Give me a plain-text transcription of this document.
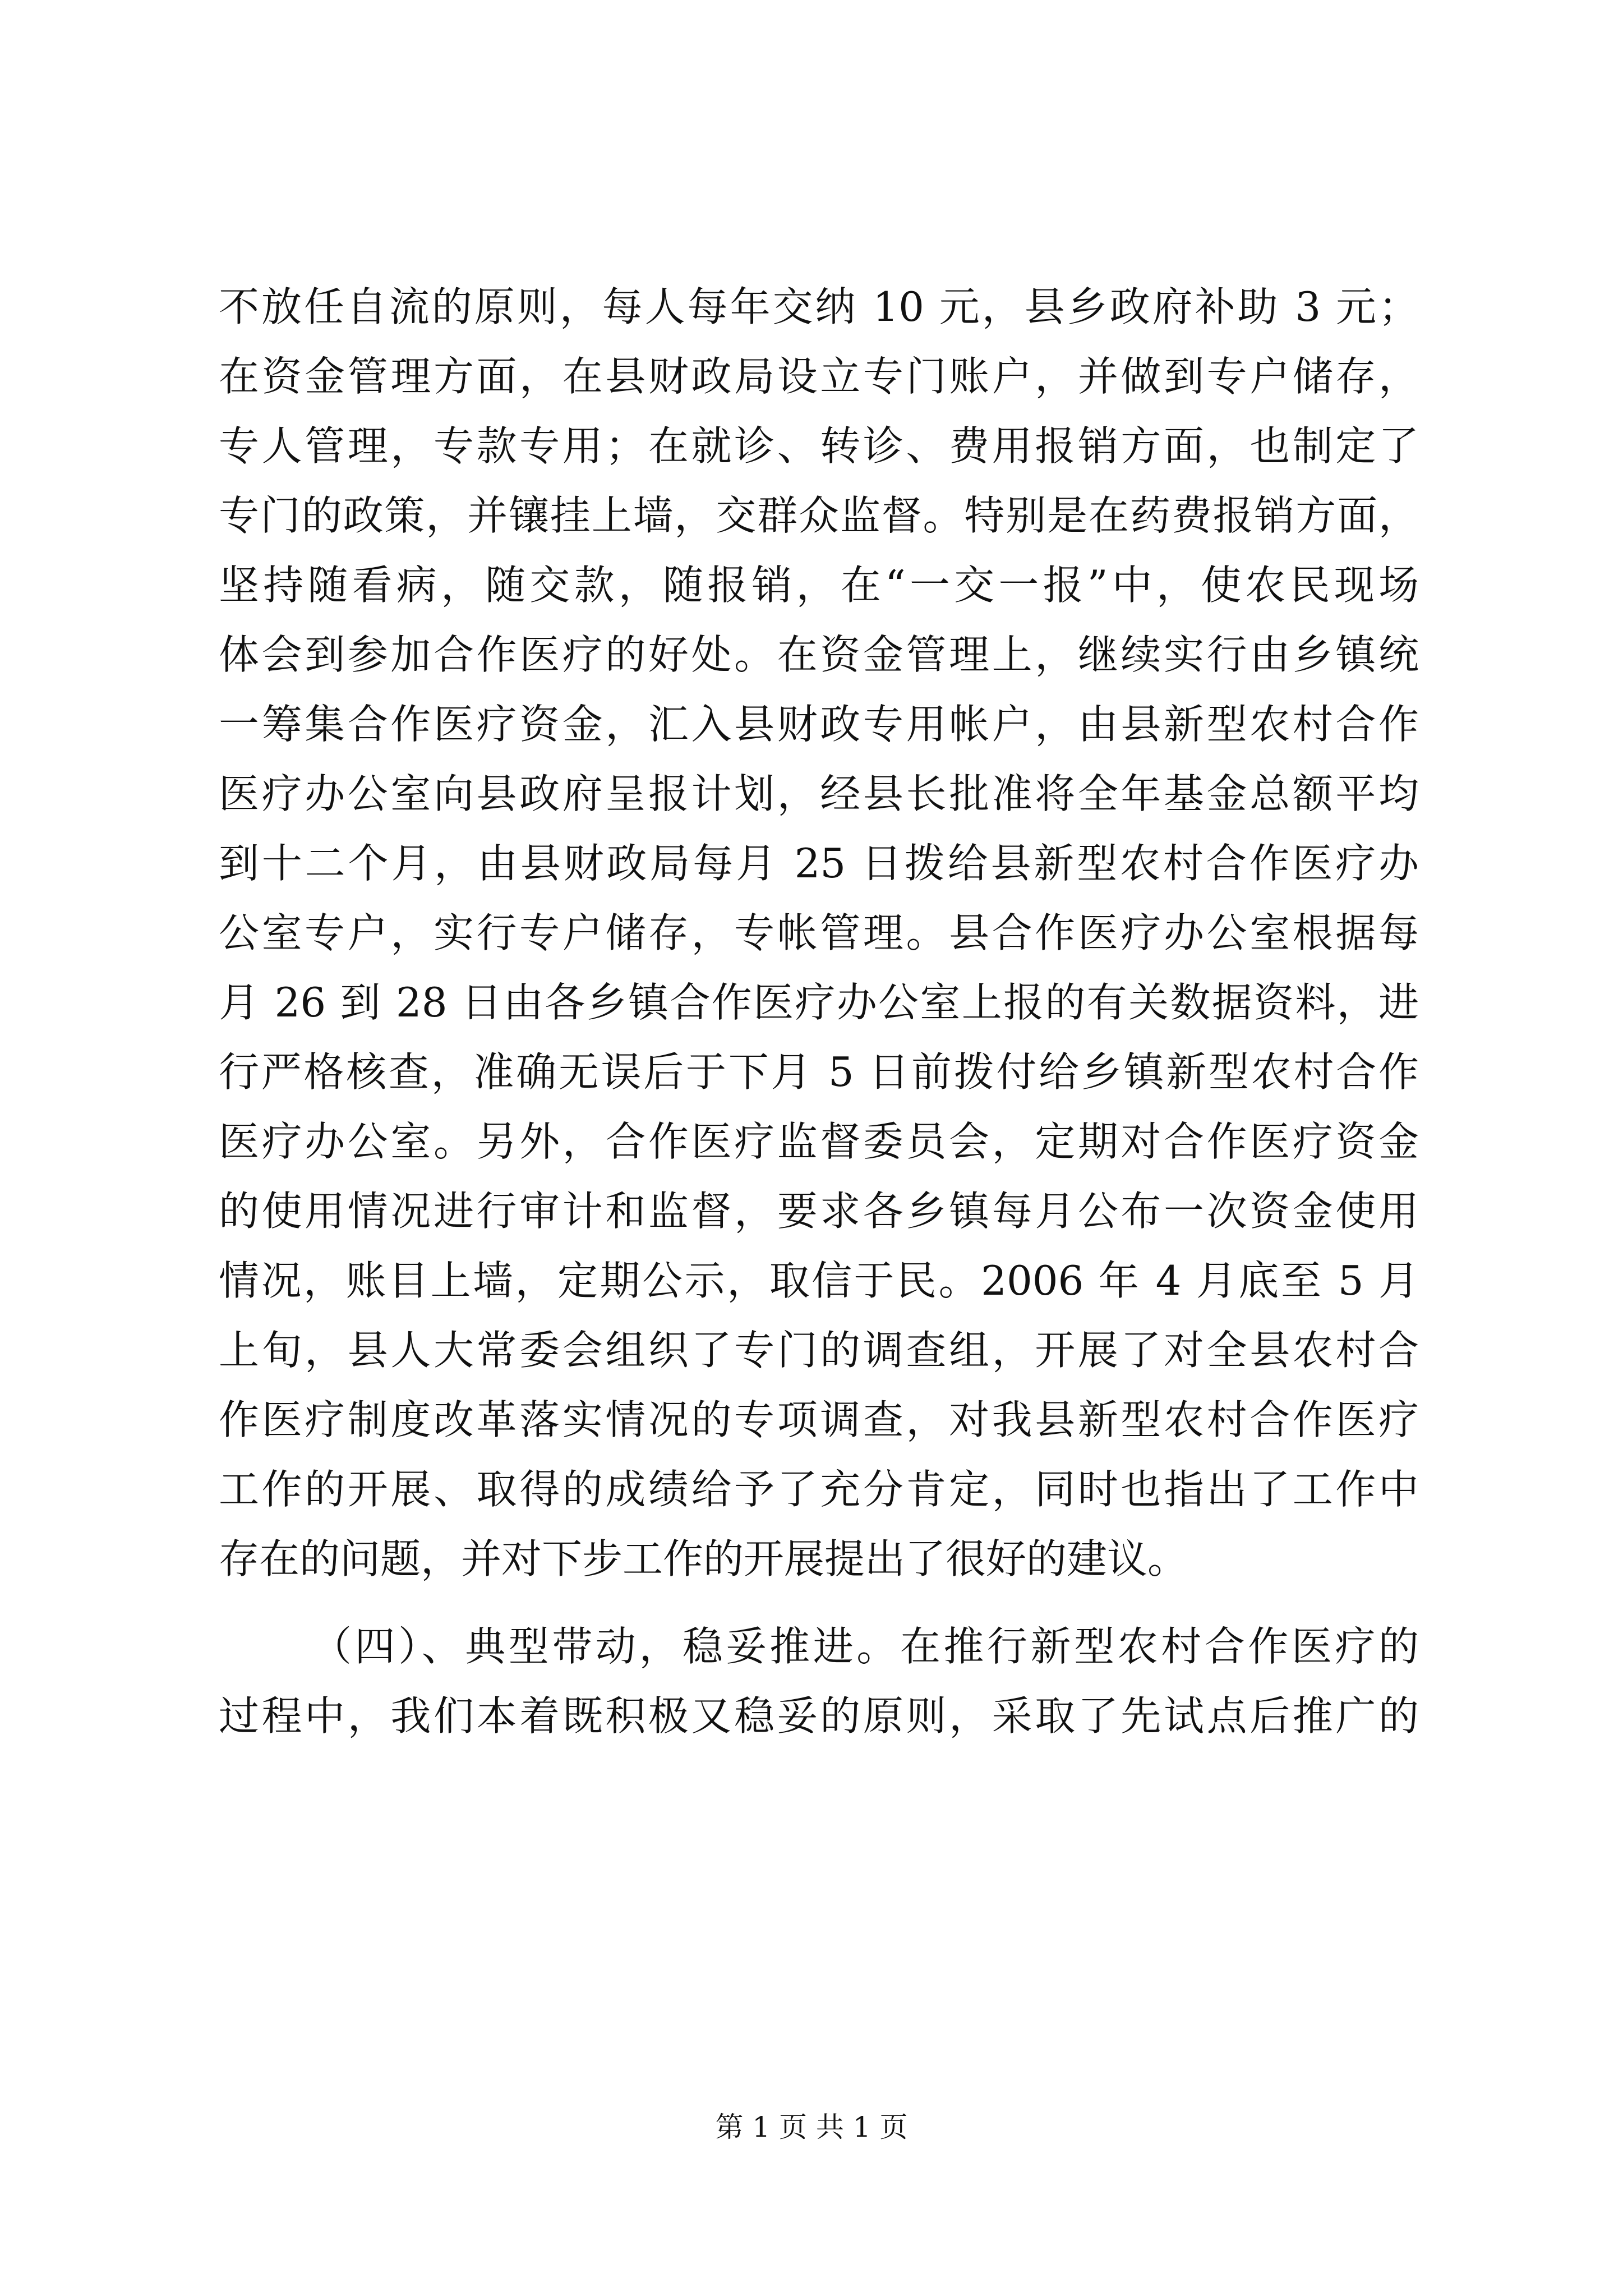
不放任自流的原则，每人每年交纳 10 元，县乡政府补助 3 元；
在资金管理方面，在县财政局设立专门账户，并做到专户储存，
专人管理，专款专用；在就诊、转诊、费用报销方面，也制定了
专门的政策，并镶挂上墙，交群众监督。特别是在药费报销方面，
坚持随看病，随交款，随报销，在“一交一报”中，使农民现场
体会到参加合作医疗的好处。在资金管理上，继续实行由乡镇统
一筹集合作医疗资金，汇入县财政专用帐户，由县新型农村合作
医疗办公室向县政府呈报计划，经县长批准将全年基金总额平均
到十二个月，由县财政局每月 25 日拨给县新型农村合作医疗办
公室专户，实行专户储存，专帐管理。县合作医疗办公室根据每
月 26 到 28 日由各乡镇合作医疗办公室上报的有关数据资料，进
行严格核查，准确无误后于下月 5 日前拨付给乡镇新型农村合作
医疗办公室。另外，合作医疗监督委员会，定期对合作医疗资金
的使用情况进行审计和监督，要求各乡镇每月公布一次资金使用
情况，账目上墙，定期公示，取信于民。2006 年 4 月底至 5 月
上旬，县人大常委会组织了专门的调查组，开展了对全县农村合
作医疗制度改革落实情况的专项调查，对我县新型农村合作医疗
工作的开展、取得的成绩给予了充分肯定，同时也指出了工作中
存在的问题，并对下步工作的开展提出了很好的建议。
（四）、典型带动，稳妥推进。在推行新型农村合作医疗的
过程中，我们本着既积极又稳妥的原则，采取了先试点后推广的
第 1 页 共 1 页
